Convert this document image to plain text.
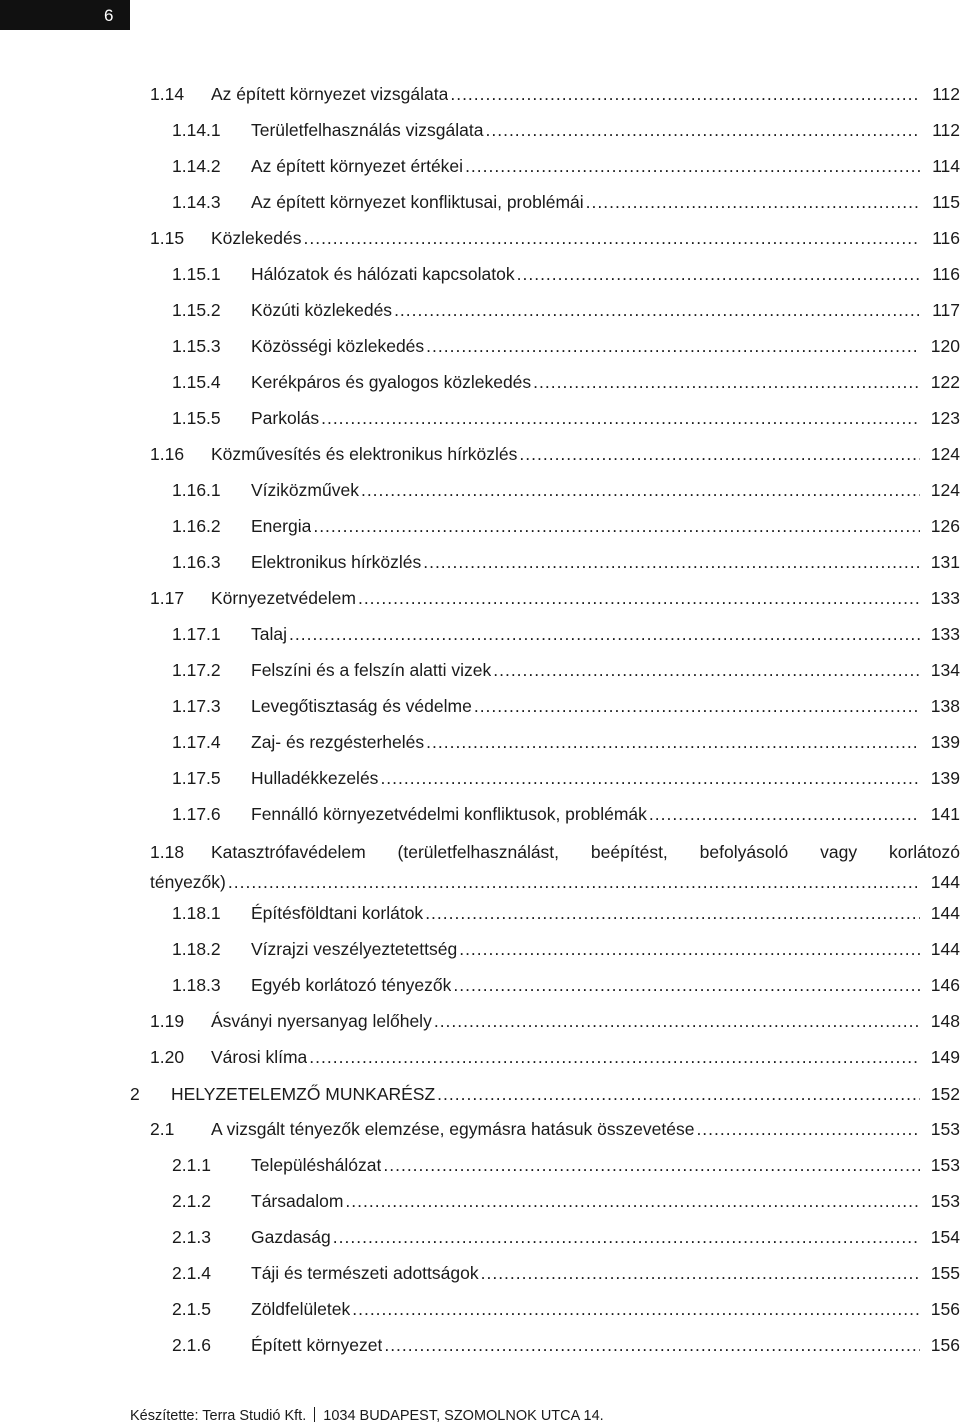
6
1.14	Az épített környezet vizsgálata .....	112
1.14.1	Területfelhasználás vizsgálata .....	112
1.14.2	Az épített környezet értékei .....	114
1.14.3	Az épített környezet konfliktusai, problémái .....	115
1.15	Közlekedés .....	116
1.15.1	Hálózatok és hálózati kapcsolatok .....	116
1.15.2	Közúti közlekedés .....	117
1.15.3	Közösségi közlekedés .....	120
1.15.4	Kerékpáros és gyalogos közlekedés .....	122
1.15.5	Parkolás .....	123
1.16	Közművesítés és elektronikus hírközlés .....	124
1.16.1	Víziközművek .....	124
1.16.2	Energia .....	126
1.16.3	Elektronikus hírközlés .....	131
1.17	Környezetvédelem .....	133
1.17.1	Talaj .....	133
1.17.2	Felszíni és a felszín alatti vizek .....	134
1.17.3	Levegőtisztaság és védelme .....	138
1.17.4	Zaj- és rezgésterhelés .....	139
1.17.5	Hulladékkezelés .....	139
1.17.6	Fennálló környezetvédelmi konfliktusok, problémák .....	141
1.18	Katasztrófavédelem (területfelhasználást, beépítést, befolyásoló vagy korlátozó
tényezők) .....	144
1.18.1	Építésföldtani korlátok .....	144
1.18.2	Vízrajzi veszélyeztetettség .....	144
1.18.3	Egyéb korlátozó tényezők .....	146
1.19	Ásványi nyersanyag lelőhely .....	148
1.20	Városi klíma .....	149
2	HELYZETELEMZŐ MUNKARÉSZ .....	152
2.1	A vizsgált tényezők elemzése, egymásra hatásuk összevetése .....	153
2.1.1	Településhálózat .....	153
2.1.2	Társadalom .....	153
2.1.3	Gazdaság .....	154
2.1.4	Táji és természeti adottságok .....	155
2.1.5	Zöldfelületek .....	156
2.1.6	Épített környezet .....	156
Készítette: Terra Studió Kft. 1034 BUDAPEST, SZOMOLNOK UTCA 14.
